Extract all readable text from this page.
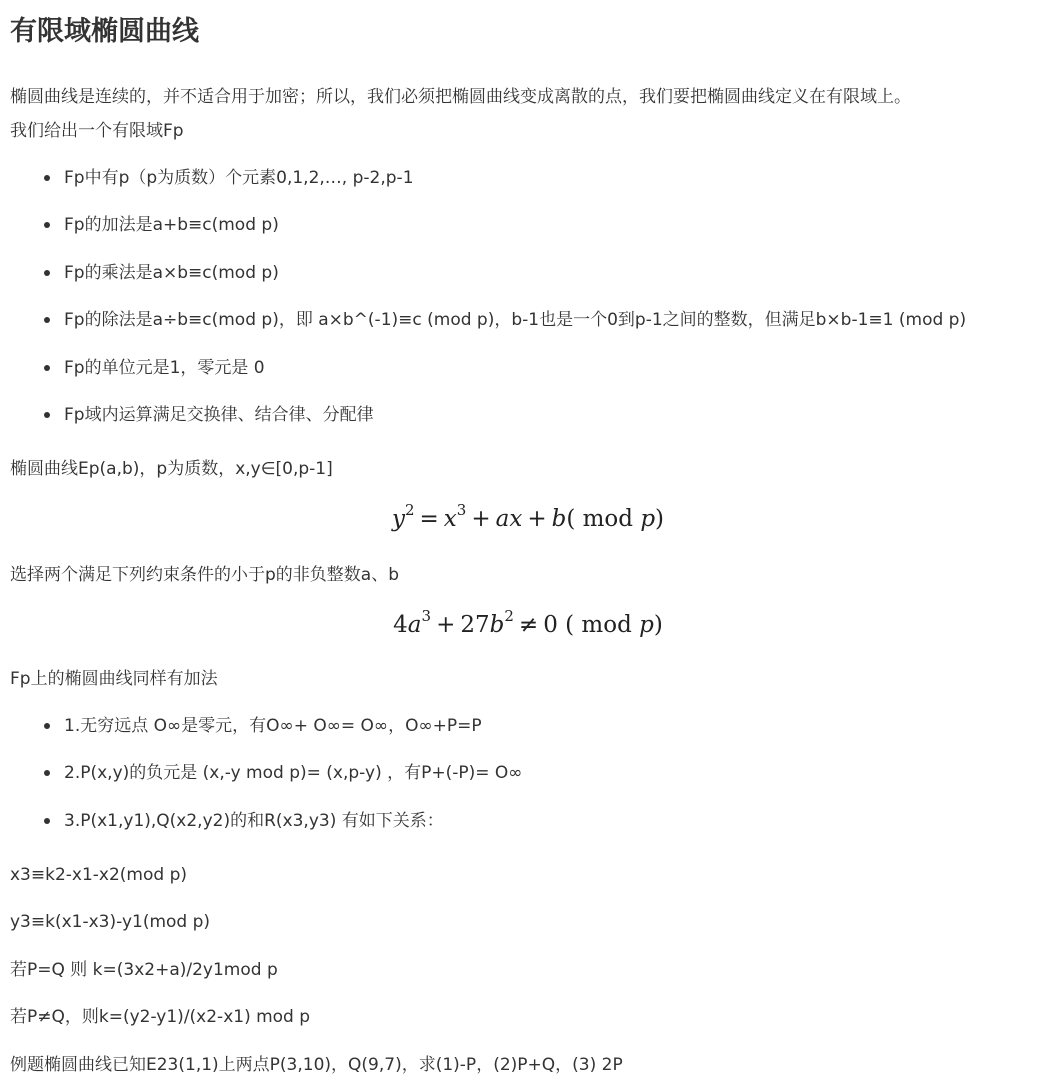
有限域椭圆曲线

椭圆曲线是连续的，并不适合用于加密；所以，我们必须把椭圆曲线变成离散的点，我们要把椭圆曲线定义在有限域上。

我们给出一个有限域Fp

Fp中有p（p为质数）个元素0,1,2,…, p-2,p-1
Fp的加法是a+b≡c(mod p)
Fp的乘法是a×b≡c(mod p)
Fp的除法是a÷b≡c(mod p)，即 a×b^(-1)≡c (mod p)，b-1也是一个0到p-1之间的整数，但满足b×b-1≡1 (mod p)
Fp的单位元是1，零元是 0
Fp域内运算满足交换律、结合律、分配律

椭圆曲线Ep(a,b)，p为质数，x,y∈[0,p-1]

$y^2 = x^3$ + ax + b( mod p)

选择两个满足下列约束条件的小于p的非负整数a、b

$4a^3 + 27b^2 \ne 0$ ( mod p)

Fp上的椭圆曲线同样有加法

1.无穷远点 O∞是零元，有O∞+ O∞= O∞，O∞+P=P
2.P(x,y)的负元是 (x,-y mod p)= (x,p-y) ，有P+(-P)= O∞
3.P(x1,y1),Q(x2,y2)的和R(x3,y3) 有如下关系：

x3≡k2-x1-x2(mod p)

y3≡k(x1-x3)-y1(mod p)

若P=Q 则 k=(3x2+a)/2y1mod p

若P≠Q，则k=(y2-y1)/(x2-x1) mod p

例题椭圆曲线已知E23(1,1)上两点P(3,10)，Q(9,7)，求(1)-P，(2)P+Q，(3) 2P
